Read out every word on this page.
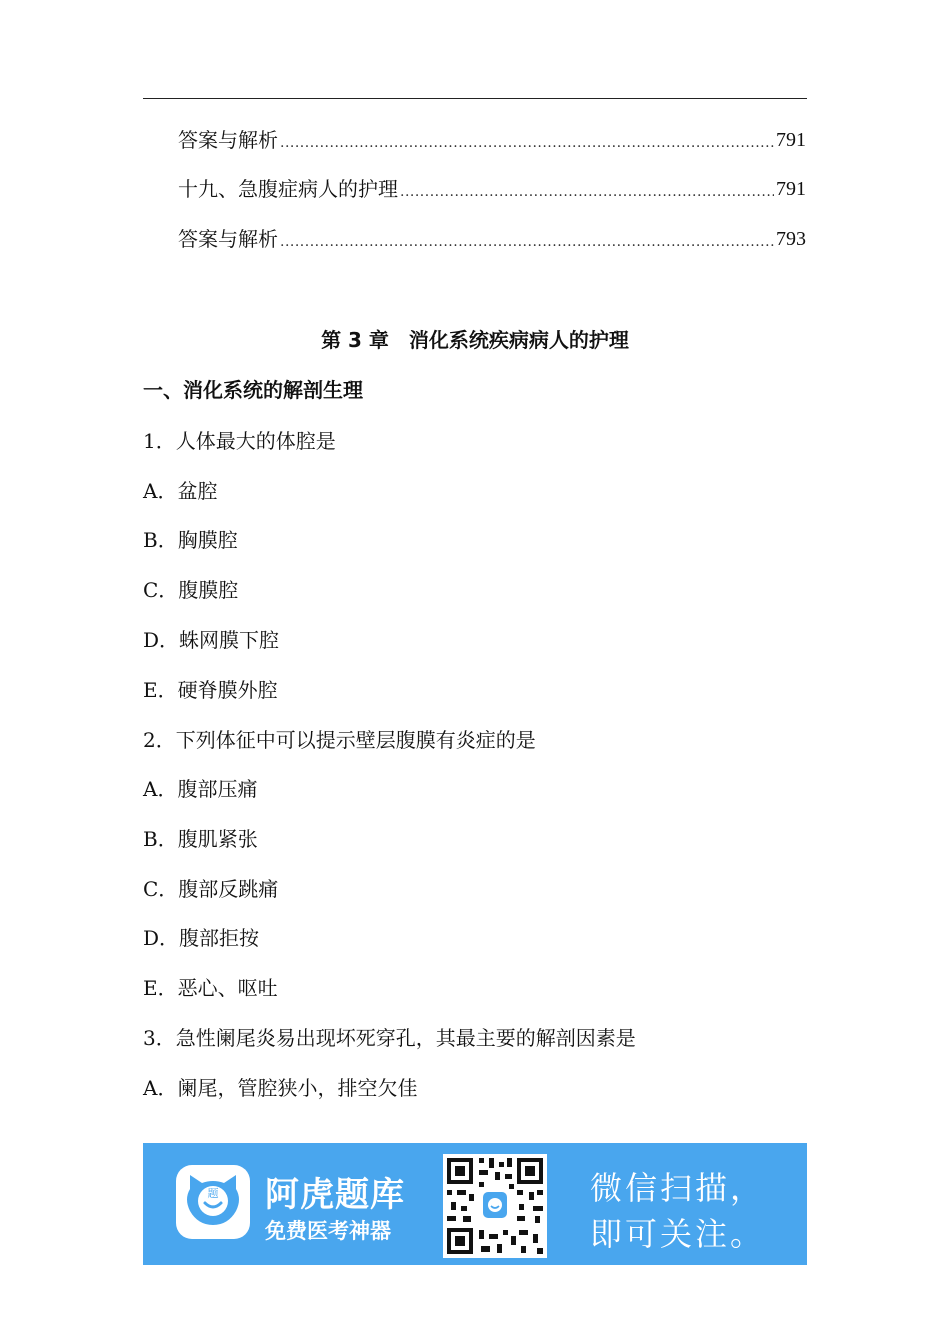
答案与解析 .....	791
十九、急腹症病人的护理 .....	791
答案与解析 .....	793
第 3 章　消化系统疾病病人的护理
一、消化系统的解剖生理
1．人体最大的体腔是
A．盆腔
B．胸膜腔
C．腹膜腔
D．蛛网膜下腔
E．硬脊膜外腔
2．下列体征中可以提示壁层腹膜有炎症的是
A．腹部压痛
B．腹肌紧张
C．腹部反跳痛
D．腹部拒按
E．恶心、呕吐
3．急性阑尾炎易出现坏死穿孔，其最主要的解剖因素是
A．阑尾，管腔狭小，排空欠佳
题 阿虎题库
免费医考神器
微信扫描，
即可关注。
